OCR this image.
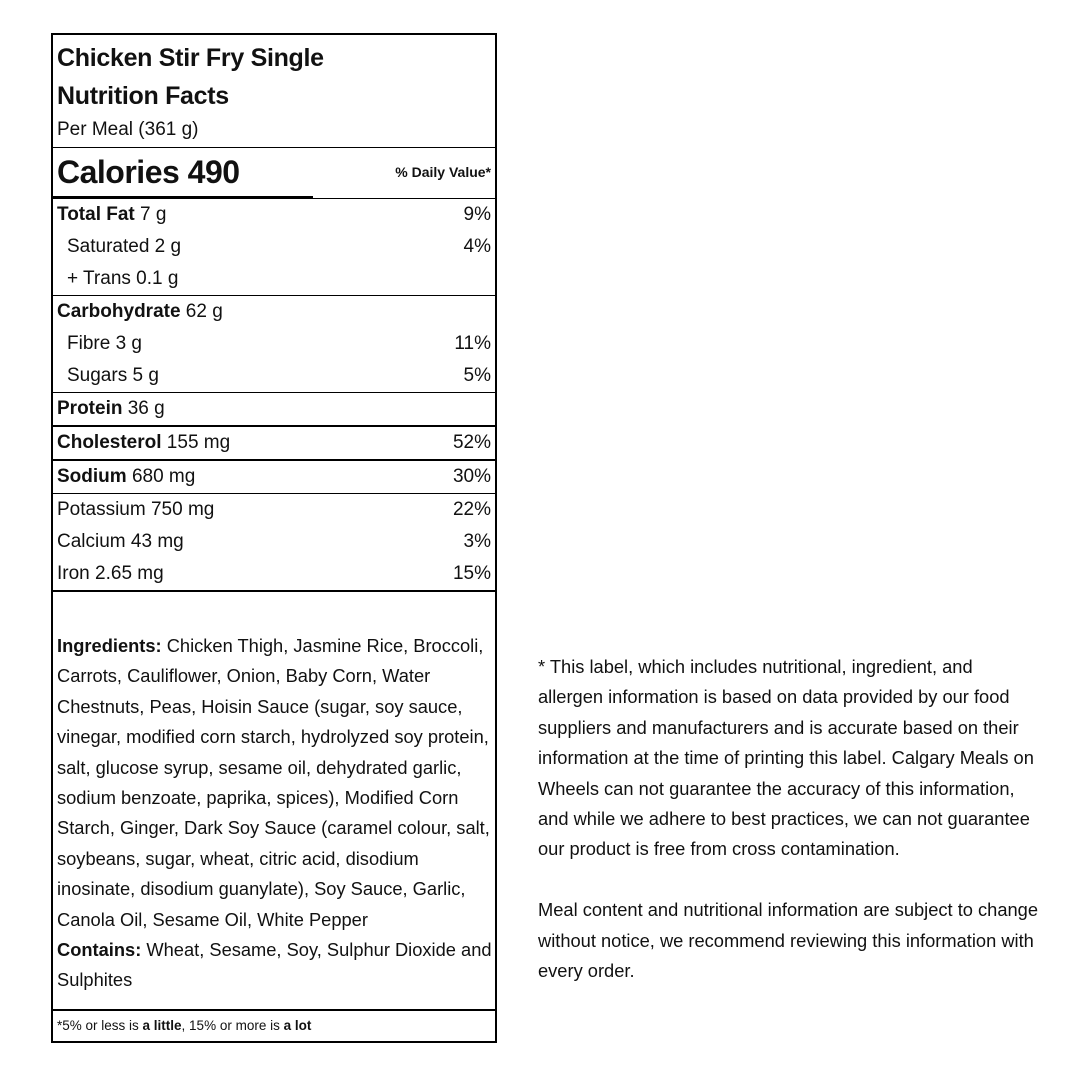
Chicken Stir Fry Single
Nutrition Facts
Per Meal (361 g)
Calories 490	% Daily Value*
Total Fat 7 g	9%
Saturated 2 g	4%
+ Trans 0.1 g
Carbohydrate 62 g
Fibre 3 g	11%
Sugars 5 g	5%
Protein 36 g
Cholesterol 155 mg	52%
Sodium 680 mg	30%
Potassium 750 mg	22%
Calcium 43 mg	3%
Iron 2.65 mg	15%
Ingredients: Chicken Thigh, Jasmine Rice, Broccoli, Carrots, Cauliflower, Onion, Baby Corn, Water Chestnuts, Peas, Hoisin Sauce (sugar, soy sauce, vinegar, modified corn starch, hydrolyzed soy protein, salt, glucose syrup, sesame oil, dehydrated garlic, sodium benzoate, paprika, spices), Modified Corn Starch, Ginger, Dark Soy Sauce (caramel colour, salt, soybeans, sugar, wheat, citric acid, disodium inosinate, disodium guanylate), Soy Sauce, Garlic, Canola Oil, Sesame Oil, White Pepper
Contains: Wheat, Sesame, Soy, Sulphur Dioxide and Sulphites
*5% or less is a little, 15% or more is a lot

* This label, which includes nutritional, ingredient, and allergen information is based on data provided by our food suppliers and manufacturers and is accurate based on their information at the time of printing this label. Calgary Meals on Wheels can not guarantee the accuracy of this information, and while we adhere to best practices, we can not guarantee our product is free from cross contamination.

Meal content and nutritional information are subject to change without notice, we recommend reviewing this information with every order.
